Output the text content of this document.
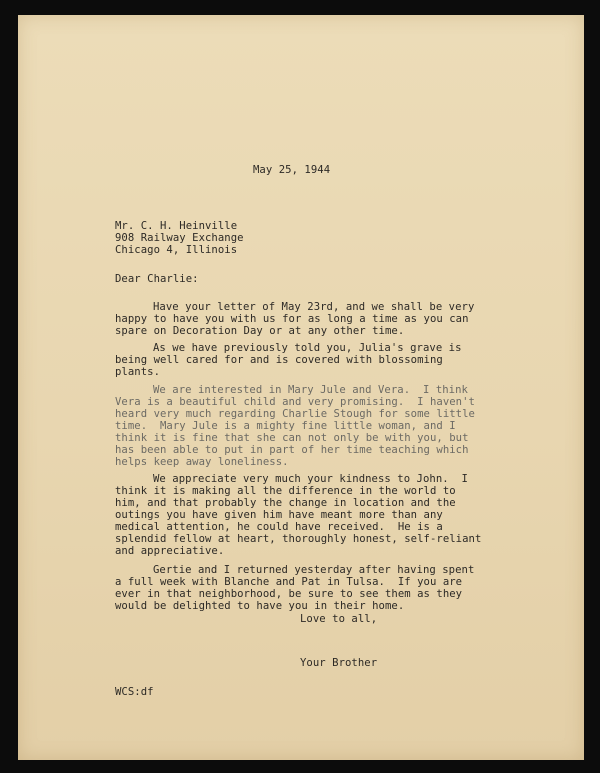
May 25, 1944
Mr. C. H. Heinville
908 Railway Exchange
Chicago 4, Illinois
Dear Charlie:
Have your letter of May 23rd, and we shall be very
happy to have you with us for as long a time as you can
spare on Decoration Day or at any other time.
As we have previously told you, Julia's grave is
being well cared for and is covered with blossoming
plants.
We are interested in Mary Jule and Vera.  I think
Vera is a beautiful child and very promising.  I haven't
heard very much regarding Charlie Stough for some little
time.  Mary Jule is a mighty fine little woman, and I
think it is fine that she can not only be with you, but
has been able to put in part of her time teaching which
helps keep away loneliness.
We appreciate very much your kindness to John.  I
think it is making all the difference in the world to
him, and that probably the change in location and the
outings you have given him have meant more than any
medical attention, he could have received.  He is a
splendid fellow at heart, thoroughly honest, self-reliant
and appreciative.
Gertie and I returned yesterday after having spent
a full week with Blanche and Pat in Tulsa.  If you are
ever in that neighborhood, be sure to see them as they
would be delighted to have you in their home.
Love to all,
Your Brother
WCS:df
